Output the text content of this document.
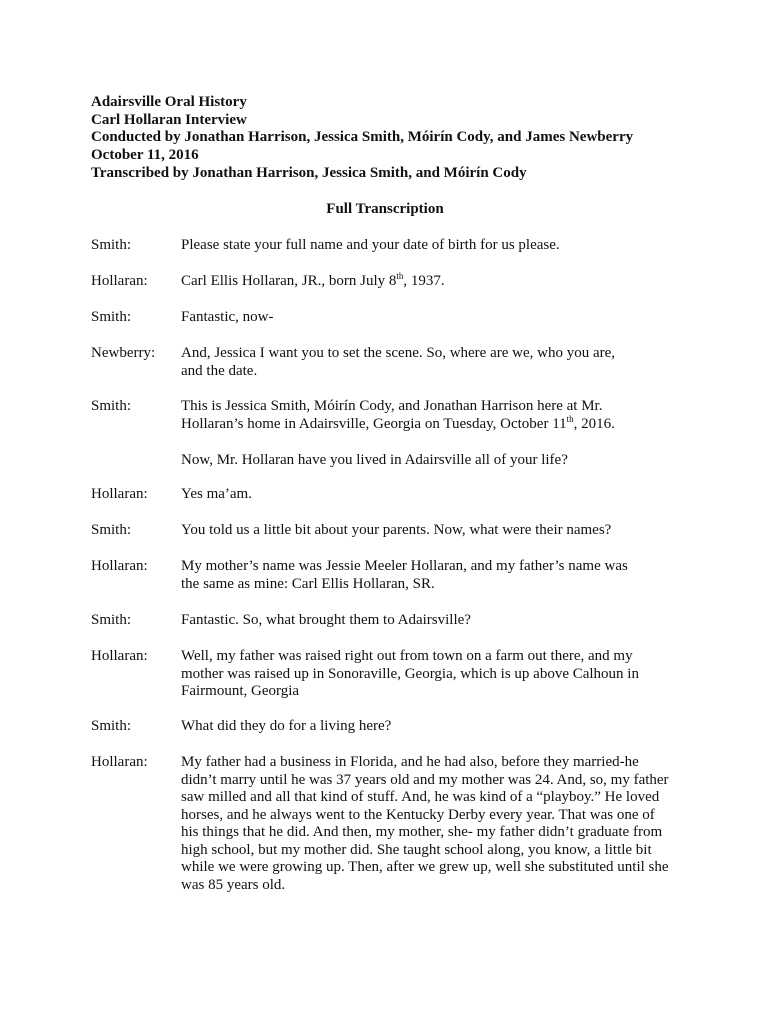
Adairsville Oral History
Carl Hollaran Interview
Conducted by Jonathan Harrison, Jessica Smith, Móirín Cody, and James Newberry
October 11, 2016
Transcribed by Jonathan Harrison, Jessica Smith, and Móirín Cody
Full Transcription
Smith:	Please state your full name and your date of birth for us please.
Hollaran: Carl Ellis Hollaran, JR., born July 8th, 1937.
Smith:	Fantastic, now-
Newberry: And, Jessica I want you to set the scene. So, where are we, who you are,
and the date.
Smith:	This is Jessica Smith, Móirín Cody, and Jonathan Harrison here at Mr.
Hollaran’s home in Adairsville, Georgia on Tuesday, October 11th, 2016.
Now, Mr. Hollaran have you lived in Adairsville all of your life?
Hollaran: Yes ma’am.
Smith:	You told us a little bit about your parents. Now, what were their names?
Hollaran: My mother’s name was Jessie Meeler Hollaran, and my father’s name was
the same as mine: Carl Ellis Hollaran, SR.
Smith:	Fantastic. So, what brought them to Adairsville?
Hollaran: Well, my father was raised right out from town on a farm out there, and my
mother was raised up in Sonoraville, Georgia, which is up above Calhoun in
Fairmount, Georgia
Smith:	What did they do for a living here?
Hollaran: My father had a business in Florida, and he had also, before they married-he
didn’t marry until he was 37 years old and my mother was 24. And, so, my father
saw milled and all that kind of stuff. And, he was kind of a “playboy.” He loved
horses, and he always went to the Kentucky Derby every year. That was one of
his things that he did. And then, my mother, she- my father didn’t graduate from
high school, but my mother did. She taught school along, you know, a little bit
while we were growing up. Then, after we grew up, well she substituted until she
was 85 years old.
